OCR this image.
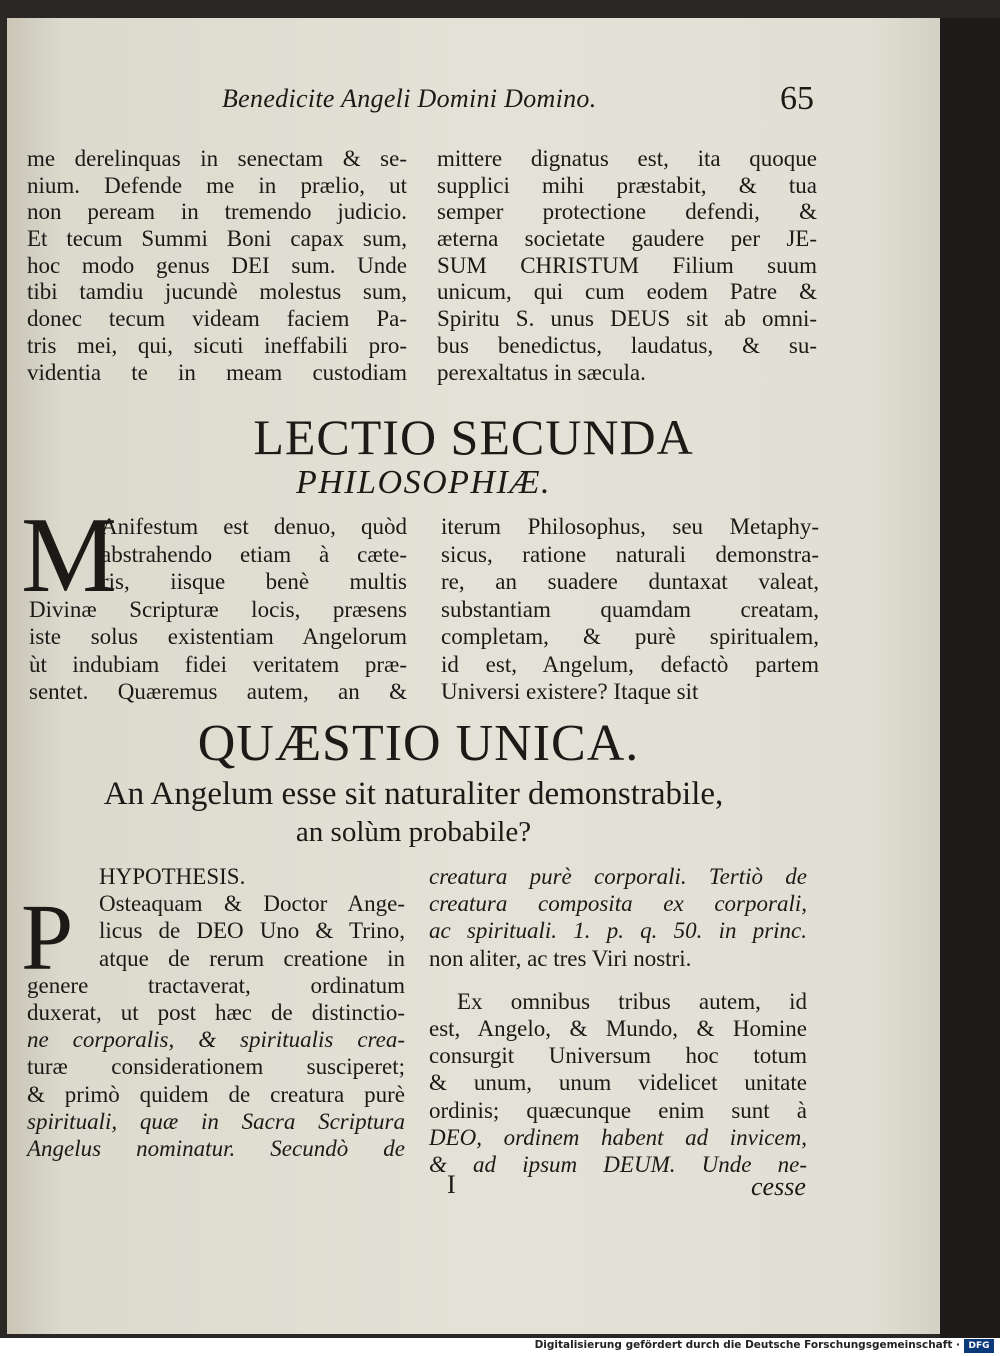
Benedicite Angeli Domini Domino.	65
me derelinquas in senectam & se-
nium. Defende me in prælio, ut
non peream in tremendo judicio.
Et tecum Summi Boni capax sum,
hoc modo genus DEI sum. Unde
tibi tamdiu jucundè molestus sum,
donec tecum videam faciem Pa-
tris mei, qui, sicuti ineffabili pro-
videntia te in meam custodiam
mittere dignatus est, ita quoque
supplici mihi præstabit, & tua
semper protectione defendi, &
æterna societate gaudere per JE-
SUM CHRISTUM Filium suum
unicum, qui cum eodem Patre &
Spiritu S. unus DEUS sit ab omni-
bus benedictus, laudatus, & su-
perexaltatus in sæcula.
LECTIO SECUNDA
PHILOSOPHIÆ.
M
Anifestum est denuo, quòd
abstrahendo etiam à cæte-
ris, iisque benè multis
Divinæ Scripturæ locis, præsens
iste solus existentiam Angelorum
ùt indubiam fidei veritatem præ-
sentet. Quæremus autem, an &
iterum Philosophus, seu Metaphy-
sicus, ratione naturali demonstra-
re, an suadere duntaxat valeat,
substantiam quamdam creatam,
completam, & purè spiritualem,
id est, Angelum, defactò partem
Universi existere? Itaque sit
QUÆSTIO UNICA.
An Angelum esse sit naturaliter demonstrabile,
an solùm probabile?
P
HYPOTHESIS.
Osteaquam & Doctor Ange-
licus de DEO Uno & Trino,
atque de rerum creatione in
genere tractaverat, ordinatum
duxerat, ut post hæc de distinctio-
ne corporalis, & spiritualis crea-
turæ considerationem susciperet;
& primò quidem de creatura purè
spirituali, quæ in Sacra Scriptura
Angelus nominatur. Secundò de
creatura purè corporali. Tertiò de
creatura composita ex corporali,
ac spirituali. 1. p. q. 50. in princ.
non aliter, ac tres Viri nostri.
Ex omnibus tribus autem, id
est, Angelo, & Mundo, & Homine
consurgit Universum hoc totum
& unum, unum videlicet unitate
ordinis; quæcunque enim sunt à
DEO, ordinem habent ad invicem,
& ad ipsum DEUM. Unde ne-
I	cesse
Digitalisierung gefördert durch die Deutsche Forschungsgemeinschaft · DFG
